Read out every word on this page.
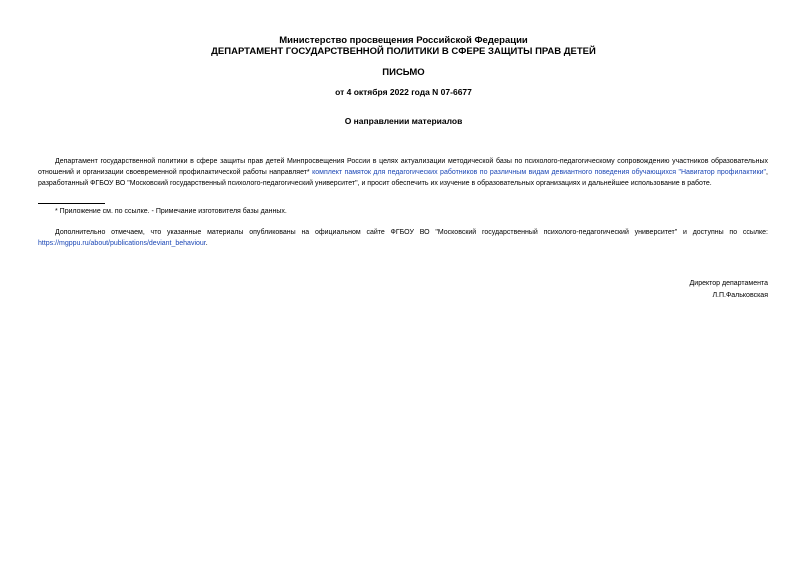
Министерство просвещения Российской Федерации
ДЕПАРТАМЕНТ ГОСУДАРСТВЕННОЙ ПОЛИТИКИ В СФЕРЕ ЗАЩИТЫ ПРАВ ДЕТЕЙ
ПИСЬМО
от 4 октября 2022 года N 07-6677
О направлении материалов
Департамент государственной политики в сфере защиты прав детей Минпросвещения России в целях актуализации методической базы по психолого-педагогическому сопровождению участников образовательных отношений и организации своевременной профилактической работы направляет* комплект памяток для педагогических работников по различным видам девиантного поведения обучающихся "Навигатор профилактики", разработанный ФГБОУ ВО "Московский государственный психолого-педагогический университет", и просит обеспечить их изучение в образовательных организациях и дальнейшее использование в работе.
* Приложение см. по ссылке. - Примечание изготовителя базы данных.
Дополнительно отмечаем, что указанные материалы опубликованы на официальном сайте ФГБОУ ВО "Московский государственный психолого-педагогический университет" и доступны по ссылке: https://mgppu.ru/about/publications/deviant_behaviour.
Директор департамента
Л.П.Фальковская
